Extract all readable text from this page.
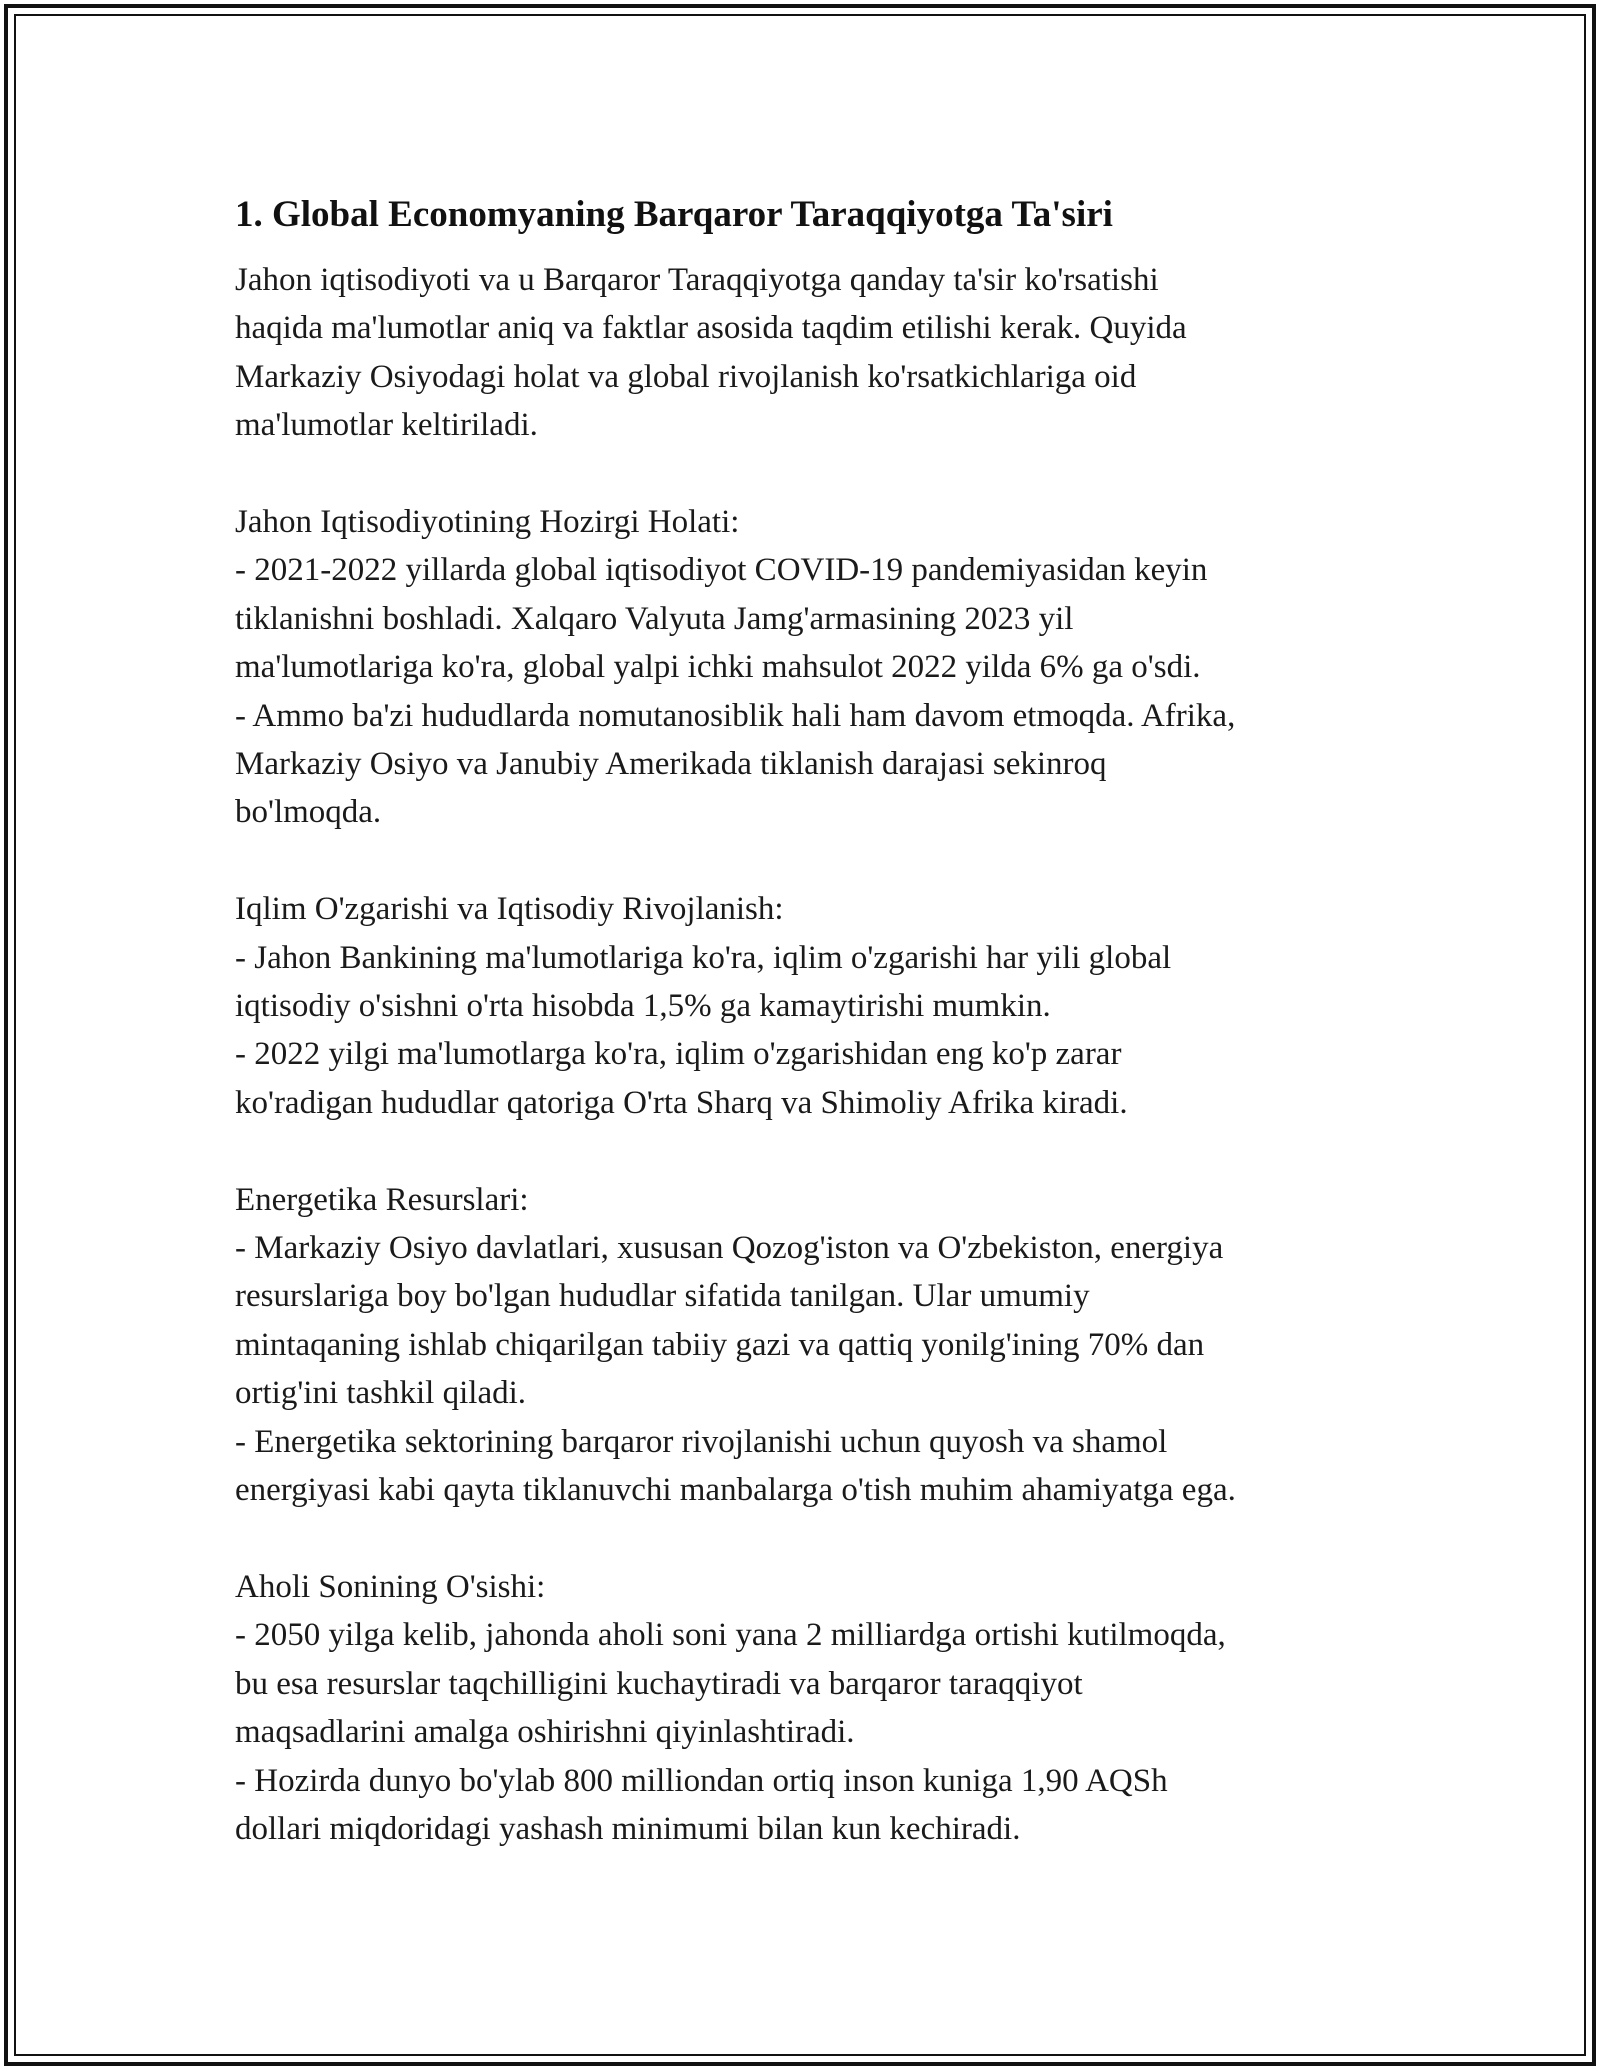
1. Global Economyaning Barqaror Taraqqiyotga Ta'siri
Jahon iqtisodiyoti va u Barqaror Taraqqiyotga qanday ta'sir ko'rsatishi
haqida ma'lumotlar aniq va faktlar asosida taqdim etilishi kerak. Quyida
Markaziy Osiyodagi holat va global rivojlanish ko'rsatkichlariga oid
ma'lumotlar keltiriladi.
Jahon Iqtisodiyotining Hozirgi Holati:
- 2021-2022 yillarda global iqtisodiyot COVID-19 pandemiyasidan keyin
tiklanishni boshladi. Xalqaro Valyuta Jamg'armasining 2023 yil
ma'lumotlariga ko'ra, global yalpi ichki mahsulot 2022 yilda 6% ga o'sdi.
- Ammo ba'zi hududlarda nomutanosiblik hali ham davom etmoqda. Afrika,
Markaziy Osiyo va Janubiy Amerikada tiklanish darajasi sekinroq
bo'lmoqda.
Iqlim O'zgarishi va Iqtisodiy Rivojlanish:
- Jahon Bankining ma'lumotlariga ko'ra, iqlim o'zgarishi har yili global
iqtisodiy o'sishni o'rta hisobda 1,5% ga kamaytirishi mumkin.
- 2022 yilgi ma'lumotlarga ko'ra, iqlim o'zgarishidan eng ko'p zarar
ko'radigan hududlar qatoriga O'rta Sharq va Shimoliy Afrika kiradi.
Energetika Resurslari:
- Markaziy Osiyo davlatlari, xususan Qozog'iston va O'zbekiston, energiya
resurslariga boy bo'lgan hududlar sifatida tanilgan. Ular umumiy
mintaqaning ishlab chiqarilgan tabiiy gazi va qattiq yonilg'ining 70% dan
ortig'ini tashkil qiladi.
- Energetika sektorining barqaror rivojlanishi uchun quyosh va shamol
energiyasi kabi qayta tiklanuvchi manbalarga o'tish muhim ahamiyatga ega.
Aholi Sonining O'sishi:
- 2050 yilga kelib, jahonda aholi soni yana 2 milliardga ortishi kutilmoqda,
bu esa resurslar taqchilligini kuchaytiradi va barqaror taraqqiyot
maqsadlarini amalga oshirishni qiyinlashtiradi.
- Hozirda dunyo bo'ylab 800 milliondan ortiq inson kuniga 1,90 AQSh
dollari miqdoridagi yashash minimumi bilan kun kechiradi.
